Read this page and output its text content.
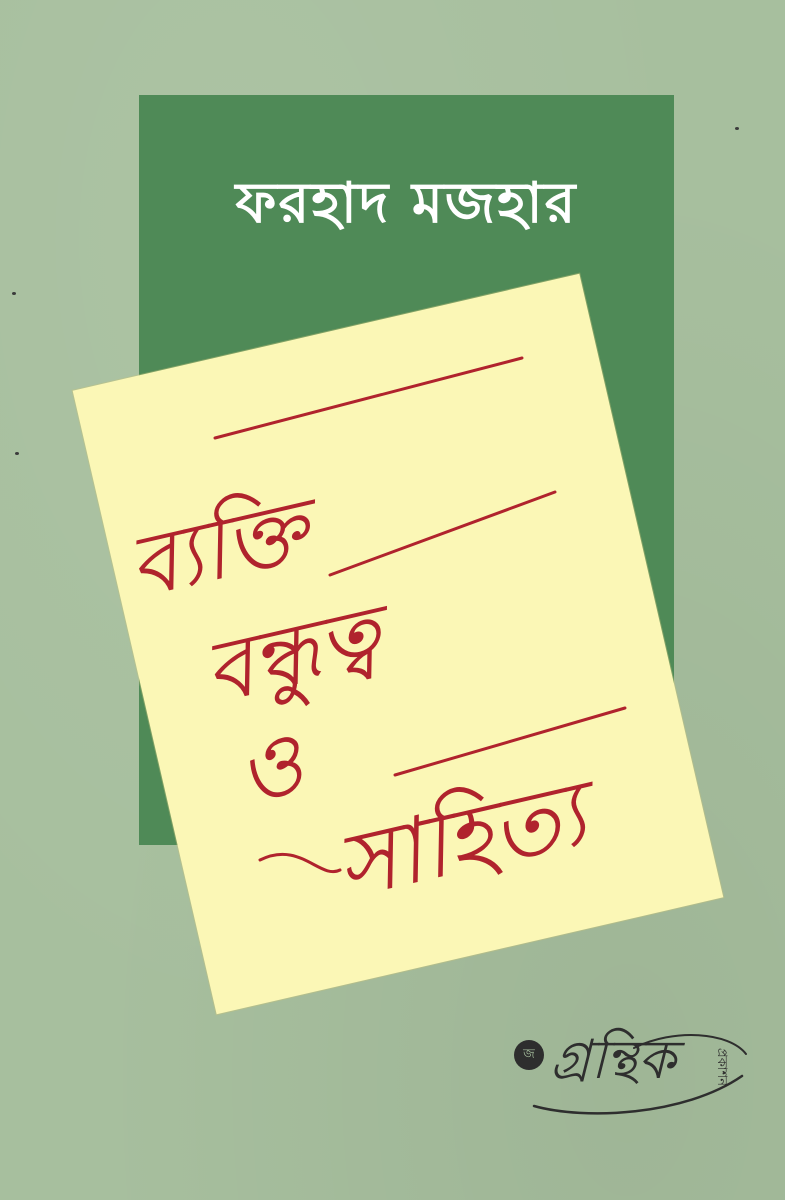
ফরহাদ মজহার
ব্যক্তি
বন্ধুত্ব
ও সাহিত্য
জ গ্রন্থিক	প্রকাশন
